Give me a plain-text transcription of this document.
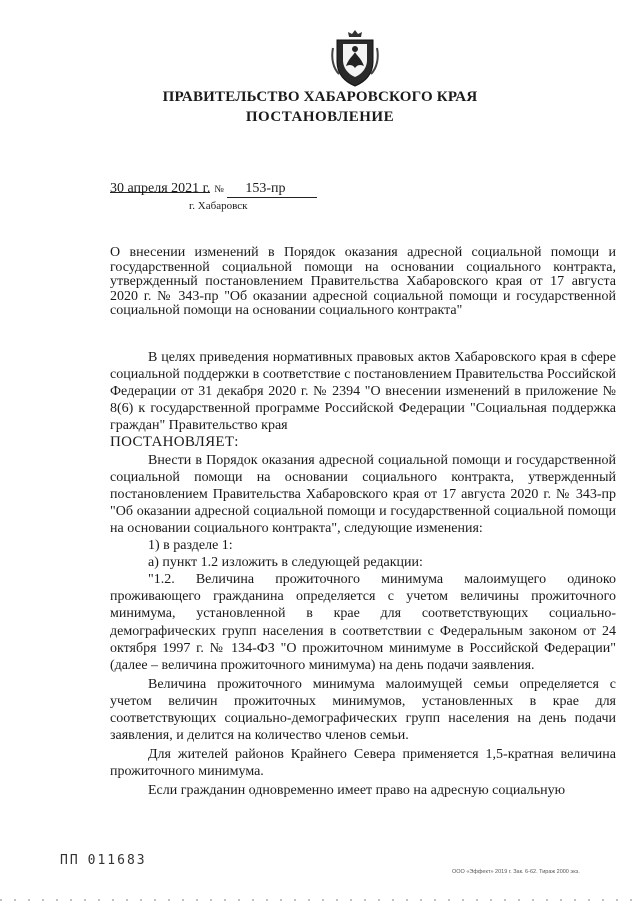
ПРАВИТЕЛЬСТВО ХАБАРОВСКОГО КРАЯ
ПОСТАНОВЛЕНИЕ
30 апреля 2021 г. № 153-пр
г. Хабаровск
О внесении изменений в Порядок оказания адресной социальной помощи и государственной социальной помощи на основании социального контракта, утвержденный постановлением Правительства Хабаровского края от 17 августа 2020 г. № 343-пр "Об оказании адресной социальной помощи и государственной социальной помощи на основании социального контракта"

В целях приведения нормативных правовых актов Хабаровского края в сфере социальной поддержки в соответствие с постановлением Правительства Российской Федерации от 31 декабря 2020 г. № 2394 "О внесении изменений в приложение № 8(6) к государственной программе Российской Федерации "Социальная поддержка граждан" Правительство края

ПОСТАНОВЛЯЕТ:

Внести в Порядок оказания адресной социальной помощи и государственной социальной помощи на основании социального контракта, утвержденный постановлением Правительства Хабаровского края от 17 августа 2020 г. № 343-пр "Об оказании адресной социальной помощи и государственной социальной помощи на основании социального контракта", следующие изменения:

1) в разделе 1:

а) пункт 1.2 изложить в следующей редакции:

"1.2. Величина прожиточного минимума малоимущего одиноко проживающего гражданина определяется с учетом величины прожиточного минимума, установленной в крае для соответствующих социально-демографических групп населения в соответствии с Федеральным законом от 24 октября 1997 г. № 134-ФЗ "О прожиточном минимуме в Российской Федерации" (далее – величина прожиточного минимума) на день подачи заявления.

Величина прожиточного минимума малоимущей семьи определяется с учетом величин прожиточных минимумов, установленных в крае для соответствующих социально-демографических групп населения на день подачи заявления, и делится на количество членов семьи.

Для жителей районов Крайнего Севера применяется 1,5-кратная величина прожиточного минимума.

Если гражданин одновременно имеет право на адресную социальную

ПП 011683
ООО «Эффект» 2019 г. Зак. 6-62. Тираж 2000 экз.
